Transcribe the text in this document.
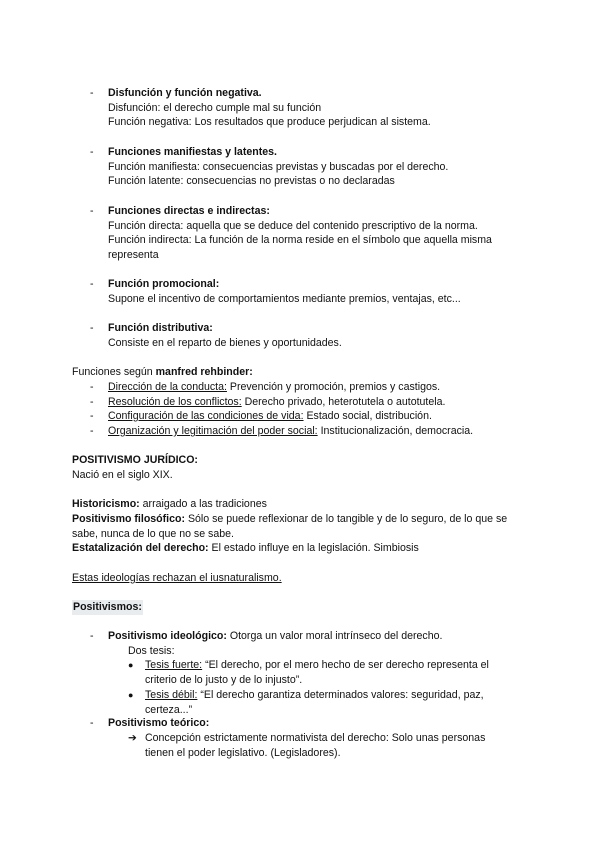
- Disfunción y función negativa.
Disfunción: el derecho cumple mal su función
Función negativa: Los resultados que produce perjudican al sistema.
- Funciones manifiestas y latentes.
Función manifiesta: consecuencias previstas y buscadas por el derecho.
Función latente: consecuencias no previstas o no declaradas
- Funciones directas e indirectas:
Función directa: aquella que se deduce del contenido prescriptivo de la norma.
Función indirecta: La función de la norma reside en el símbolo que aquella misma representa
- Función promocional:
Supone el incentivo de comportamientos mediante premios, ventajas, etc...
- Función distributiva:
Consiste en el reparto de bienes y oportunidades.
Funciones según manfred rehbinder:
- Dirección de la conducta: Prevención y promoción, premios y castigos.
- Resolución de los conflictos: Derecho privado, heterotutela o autotutela.
- Configuración de las condiciones de vida: Estado social, distribución.
- Organización y legitimación del poder social: Institucionalización, democracia.
POSITIVISMO JURÍDICO:
Nació en el siglo XIX.
Historicismo: arraigado a las tradiciones
Positivismo filosófico: Sólo se puede reflexionar de lo tangible y de lo seguro, de lo que se sabe, nunca de lo que no se sabe.
Estatalización del derecho: El estado influye en la legislación. Simbiosis
Estas ideologías rechazan el iusnaturalismo.
Positivismos:
- Positivismo ideológico: Otorga un valor moral intrínseco del derecho.
Dos tesis:
● Tesis fuerte: “El derecho, por el mero hecho de ser derecho representa el criterio de lo justo y de lo injusto”.
● Tesis débil: “El derecho garantiza determinados valores: seguridad, paz, certeza...”
- Positivismo teórico:
➔ Concepción estrictamente normativista del derecho: Solo unas personas tienen el poder legislativo. (Legisladores).
